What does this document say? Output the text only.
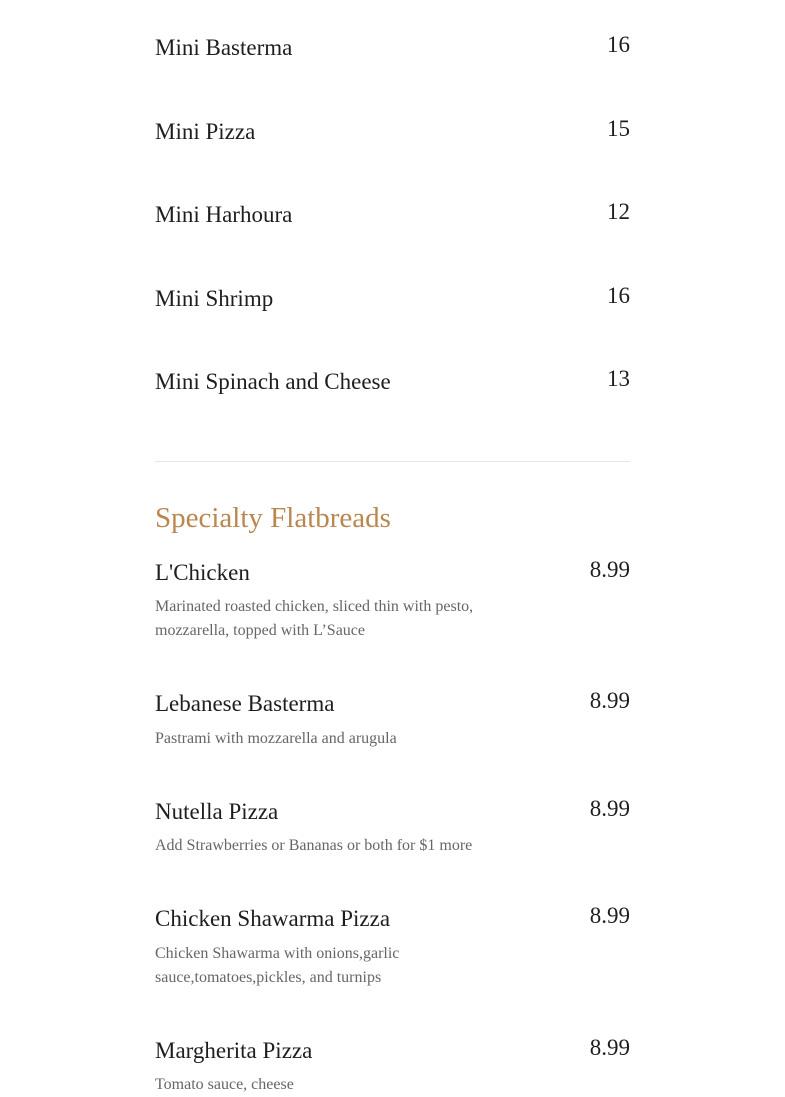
Mini Basterma	16
Mini Pizza	15
Mini Harhoura	12
Mini Shrimp	16
Mini Spinach and Cheese	13
Specialty Flatbreads
L'Chicken	8.99
Marinated roasted chicken, sliced thin with pesto, mozzarella, topped with L’Sauce
Lebanese Basterma	8.99
Pastrami with mozzarella and arugula
Nutella Pizza	8.99
Add Strawberries or Bananas or both for $1 more
Chicken Shawarma Pizza	8.99
Chicken Shawarma with onions,garlic sauce,tomatoes,pickles, and turnips
Margherita Pizza	8.99
Tomato sauce, cheese
